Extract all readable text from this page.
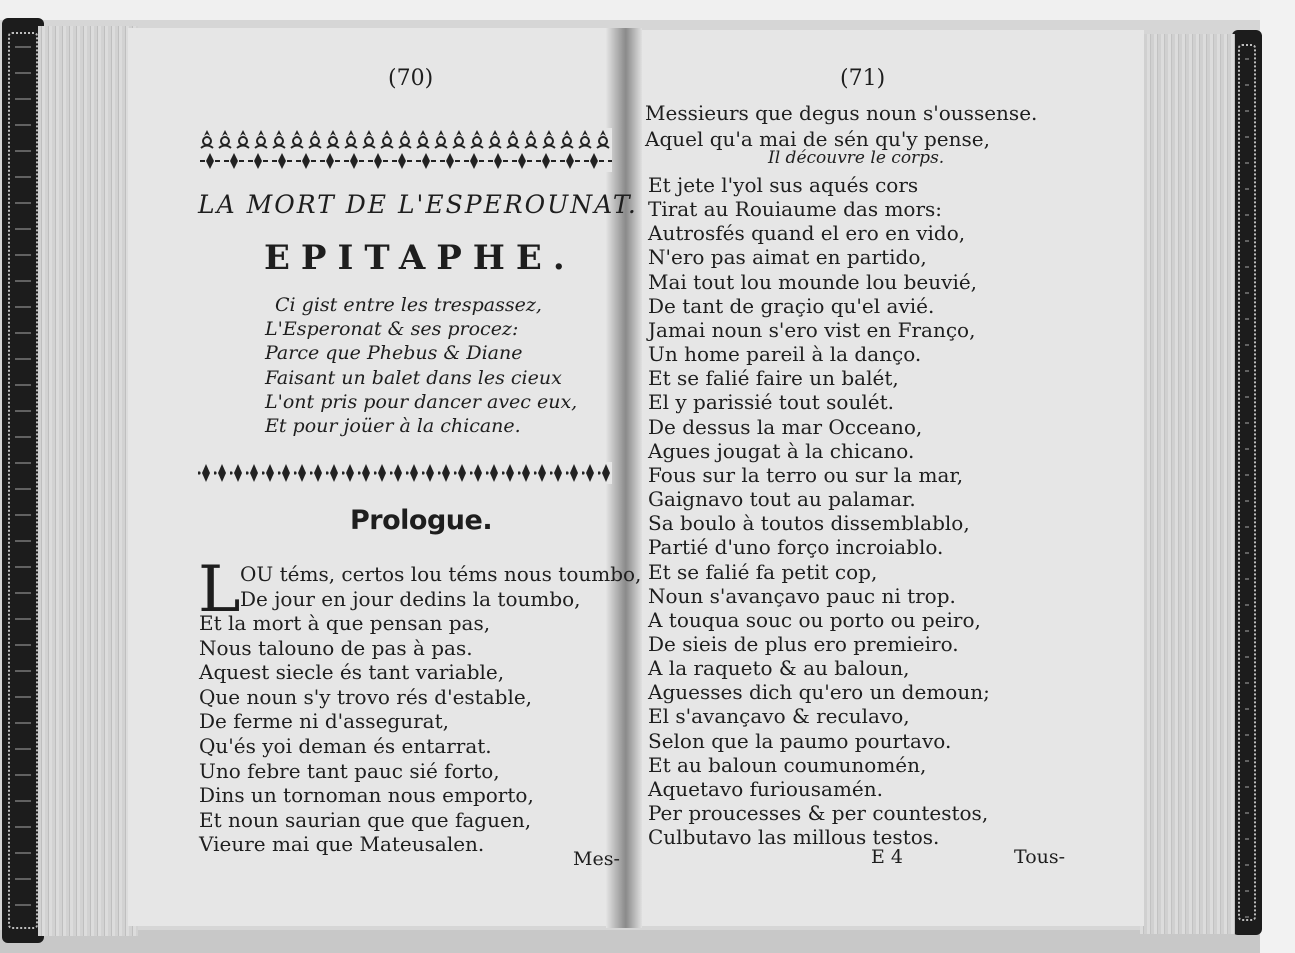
(70)
LA MORT DE L'ESPEROUNAT.
EPITAPHE.
Ci gist entre les trespassez,
L'Esperonat & ses procez:
Parce que Phebus & Diane
Faisant un balet dans les cieux
L'ont pris pour dancer avec eux,
Et pour joüer à la chicane.
Prologue.
L OU téms, certos lou téms nous toumbo,
De jour en jour dedins la toumbo,
Et la mort à que pensan pas,
Nous talouno de pas à pas.
Aquest siecle és tant variable,
Que noun s'y trovo rés d'estable,
De ferme ni d'assegurat,
Qu'és yoi deman és entarrat.
Uno febre tant pauc sié forto,
Dins un tornoman nous emporto,
Et noun saurian que que faguen,
Vieure mai que Mateusalen.
Mes-
(71)
Messieurs que degus noun s'oussense.
Aquel qu'a mai de sén qu'y pense,
Il découvre le corps.
Et jete l'yol sus aqués cors
Tirat au Rouiaume das mors:
Autrosfés quand el ero en vido,
N'ero pas aimat en partido,
Mai tout lou mounde lou beuvié,
De tant de graçio qu'el avié.
Jamai noun s'ero vist en Franço,
Un home pareil à la danço.
Et se falié faire un balét,
El y parissié tout soulét.
De dessus la mar Occeano,
Agues jougat à la chicano.
Fous sur la terro ou sur la mar,
Gaignavo tout au palamar.
Sa boulo à toutos dissemblablo,
Partié d'uno forço incroiablo.
Et se falié fa petit cop,
Noun s'avançavo pauc ni trop.
A touqua souc ou porto ou peiro,
De sieis de plus ero premieiro.
A la raqueto & au baloun,
Aguesses dich qu'ero un demoun;
El s'avançavo & reculavo,
Selon que la paumo pourtavo.
Et au baloun coumunomén,
Aquetavo furiousamén.
Per proucesses & per countestos,
Culbutavo las millous testos.
E 4	Tous-
